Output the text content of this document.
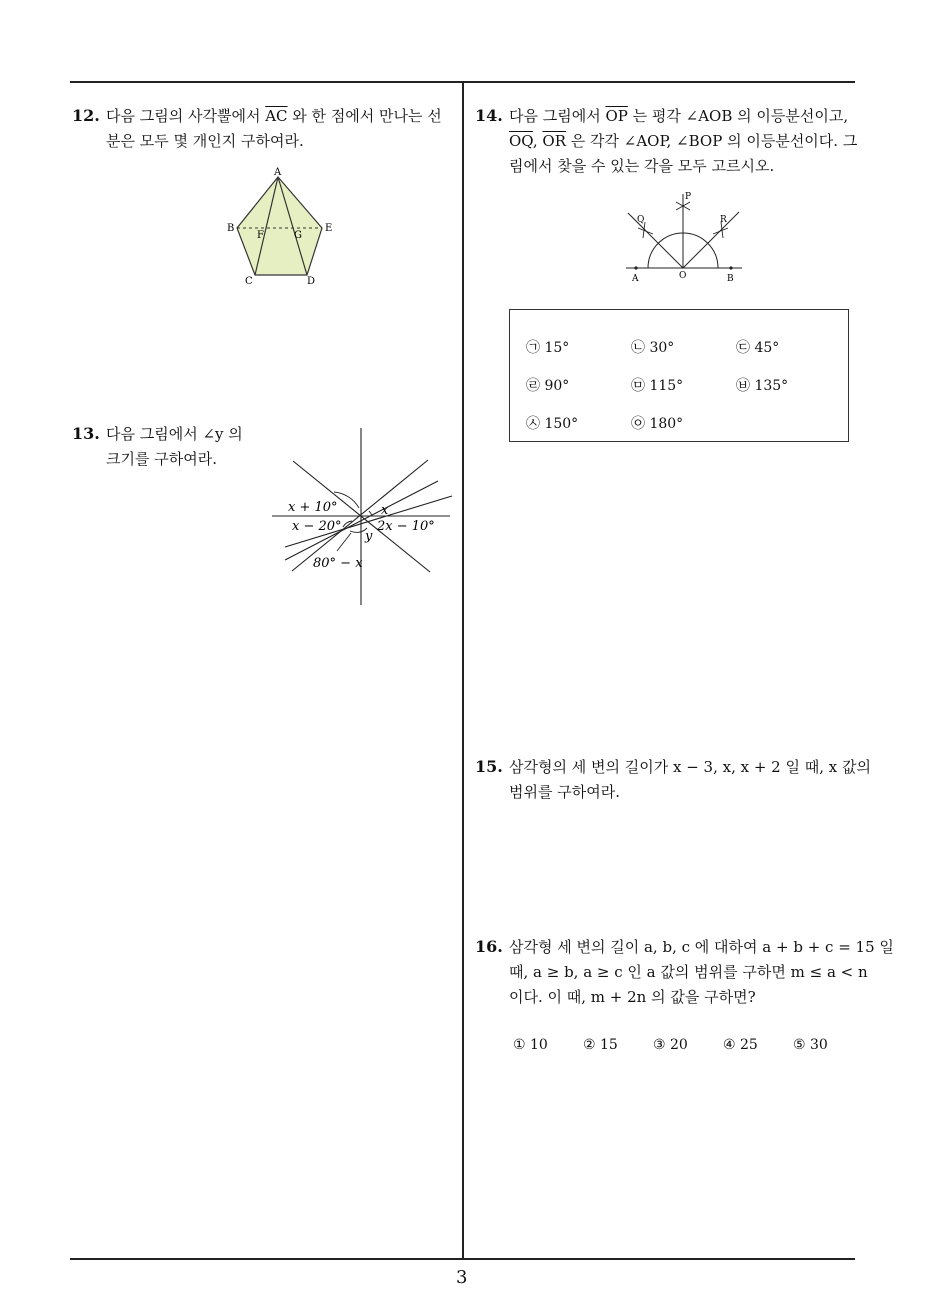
3
12. 다음 그림의 사각뿔에서 $\overline{AC}$ 와 한 점에서 만나는 선
분은 모두 몇 개인지 구하여라.
A
B
C	D
E
F	G
13. 다음 그림에서 ∠y 의
크기를 구하여라.
x + 10°
x − 20°
x
2x − 10°
y
80° − x
14. 다음 그림에서 $\overline{OP}$ 는 평각 ∠AOB 의 이등분선이고,
$\overline{OQ}$, $\overline{OR}$ 은 각각 ∠AOP, ∠BOP 의 이등분선이다. 그
림에서 찾을 수 있는 각을 모두 고르시오.
P
Q	R
A	O	B
㉠ 15°	㉡ 30°	㉢ 45°
㉣ 90°	㉤ 115°	㉥ 135°
㉦ 150°	㉧ 180°
15. 삼각형의 세 변의 길이가 x − 3, x, x + 2 일 때, x 값의
범위를 구하여라.
16. 삼각형 세 변의 길이 a, b, c 에 대하여 a + b + c = 15 일
때, a ≥ b, a ≥ c 인 a 값의 범위를 구하면 m ≤ a < n
이다. 이 때, m + 2n 의 값을 구하면?
① 10	② 15	③ 20	④ 25	⑤ 30
